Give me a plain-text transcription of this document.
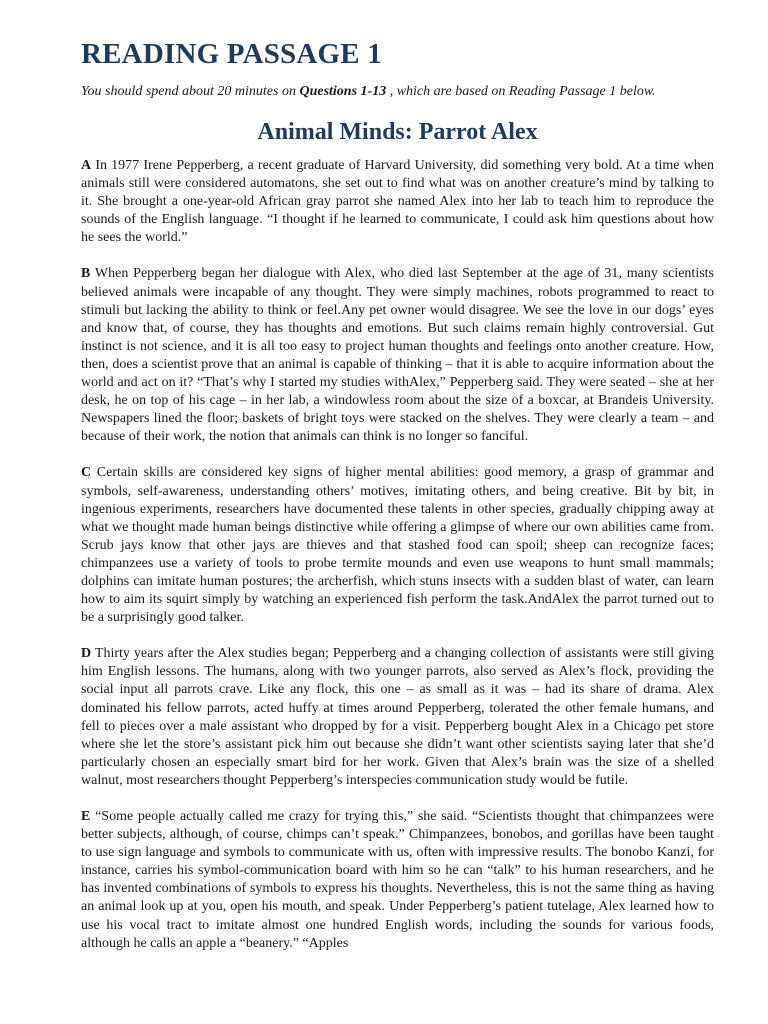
READING PASSAGE 1

You should spend about 20 minutes on Questions 1-13 , which are based on Reading Passage 1 below.

Animal Minds: Parrot Alex

A In 1977 Irene Pepperberg, a recent graduate of Harvard University, did something very bold. At a time when animals still were considered automatons, she set out to find what was on another creature’s mind by talking to it. She brought a one-year-old African gray parrot she named Alex into her lab to teach him to reproduce the sounds of the English language. “I thought if he learned to communicate, I could ask him questions about how he sees the world.”

B When Pepperberg began her dialogue with Alex, who died last September at the age of 31, many scientists believed animals were incapable of any thought. They were simply machines, robots programmed to react to stimuli but lacking the ability to think or feel.Any pet owner would disagree. We see the love in our dogs’ eyes and know that, of course, they has thoughts and emotions. But such claims remain highly controversial. Gut instinct is not science, and it is all too easy to project human thoughts and feelings onto another creature. How, then, does a scientist prove that an animal is capable of thinking – that it is able to acquire information about the world and act on it? “That’s why I started my studies withAlex,” Pepperberg said. They were seated – she at her desk, he on top of his cage – in her lab, a windowless room about the size of a boxcar, at Brandeis University. Newspapers lined the floor; baskets of bright toys were stacked on the shelves. They were clearly a team – and because of their work, the notion that animals can think is no longer so fanciful.

C Certain skills are considered key signs of higher mental abilities: good memory, a grasp of grammar and symbols, self-awareness, understanding others’ motives, imitating others, and being creative. Bit by bit, in ingenious experiments, researchers have documented these talents in other species, gradually chipping away at what we thought made human beings distinctive while offering a glimpse of where our own abilities came from. Scrub jays know that other jays are thieves and that stashed food can spoil; sheep can recognize faces; chimpanzees use a variety of tools to probe termite mounds and even use weapons to hunt small mammals; dolphins can imitate human postures; the archerfish, which stuns insects with a sudden blast of water, can learn how to aim its squirt simply by watching an experienced fish perform the task.AndAlex the parrot turned out to be a surprisingly good talker.

D Thirty years after the Alex studies began; Pepperberg and a changing collection of assistants were still giving him English lessons. The humans, along with two younger parrots, also served as Alex’s flock, providing the social input all parrots crave. Like any flock, this one – as small as it was – had its share of drama. Alex dominated his fellow parrots, acted huffy at times around Pepperberg, tolerated the other female humans, and fell to pieces over a male assistant who dropped by for a visit. Pepperberg bought Alex in a Chicago pet store where she let the store’s assistant pick him out because she didn’t want other scientists saying later that she’d particularly chosen an especially smart bird for her work. Given that Alex’s brain was the size of a shelled walnut, most researchers thought Pepperberg’s interspecies communication study would be futile.

E “Some people actually called me crazy for trying this,” she said. “Scientists thought that chimpanzees were better subjects, although, of course, chimps can’t speak.” Chimpanzees, bonobos, and gorillas have been taught to use sign language and symbols to communicate with us, often with impressive results. The bonobo Kanzi, for instance, carries his symbol-communication board with him so he can “talk” to his human researchers, and he has invented combinations of symbols to express his thoughts. Nevertheless, this is not the same thing as having an animal look up at you, open his mouth, and speak. Under Pepperberg’s patient tutelage, Alex learned how to use his vocal tract to imitate almost one hundred English words, including the sounds for various foods, although he calls an apple a “beanery.” “Apples
